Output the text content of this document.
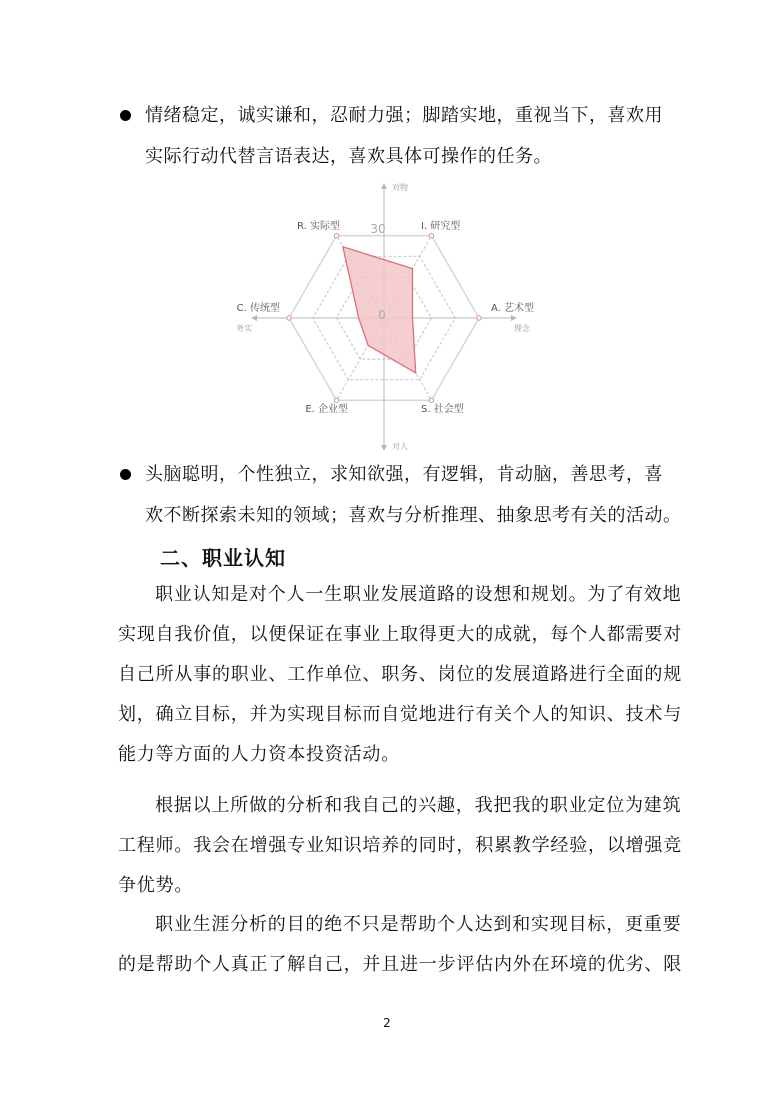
情绪稳定，诚实谦和，忍耐力强；脚踏实地，重视当下，喜欢用
实际行动代替言语表达，喜欢具体可操作的任务。
R. 实际型	I. 研究型
A. 艺术型
S. 社会型
E. 企业型
C. 传统型
对物
对人
理念
务实
30
0
头脑聪明，个性独立，求知欲强，有逻辑，肯动脑，善思考，喜
欢不断探索未知的领域；喜欢与分析推理、抽象思考有关的活动。
二、职业认知
职业认知是对个人一生职业发展道路的设想和规划。为了有效地
实现自我价值，以便保证在事业上取得更大的成就，每个人都需要对
自己所从事的职业、工作单位、职务、岗位的发展道路进行全面的规
划，确立目标，并为实现目标而自觉地进行有关个人的知识、技术与
能力等方面的人力资本投资活动。
根据以上所做的分析和我自己的兴趣，我把我的职业定位为建筑
工程师。我会在增强专业知识培养的同时，积累教学经验，以增强竞
争优势。
职业生涯分析的目的绝不只是帮助个人达到和实现目标，更重要
的是帮助个人真正了解自己，并且进一步评估内外在环境的优劣、限
2
